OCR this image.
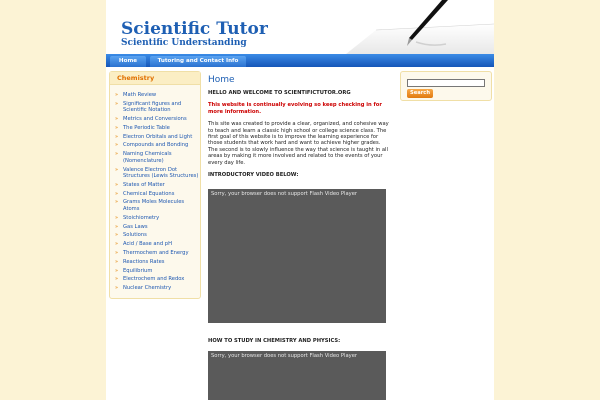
Scientific Tutor
Scientific Understanding
Home	Tutoring and Contact Info
Chemistry
» Math Review
» Significant figures and Scientific Notation
» Metrics and Conversions
» The Periodic Table
» Electron Orbitals and Light
» Compounds and Bonding
» Naming Chemicals (Nomenclature)
» Valence Electron Dot Structures (Lewis Structures)
» States of Matter
» Chemical Equations
» Grams Moles Molecules Atoms
» Stoichiometry
» Gas Laws
» Solutions
» Acid / Base and pH
» Thermochem and Energy
» Reactions Rates
» Equilibrium
» Electrochem and Redox
» Nuclear Chemistry
Home

HELLO AND WELCOME TO SCIENTIFICTUTOR.ORG

This website is continually evolving so keep checking in for more information.

This site was created to provide a clear, organized, and cohesive way to teach and learn a classic high school or college science class. The first goal of this website is to improve the learning experience for those students that work hard and want to achieve higher grades. The second is to slowly influence the way that science is taught in all areas by making it more involved and related to the events of your every day life.

INTRODUCTORY VIDEO BELOW:

Sorry, your browser does not support Flash Video Player

HOW TO STUDY IN CHEMISTRY AND PHYSICS:

Sorry, your browser does not support Flash Video Player
Search
